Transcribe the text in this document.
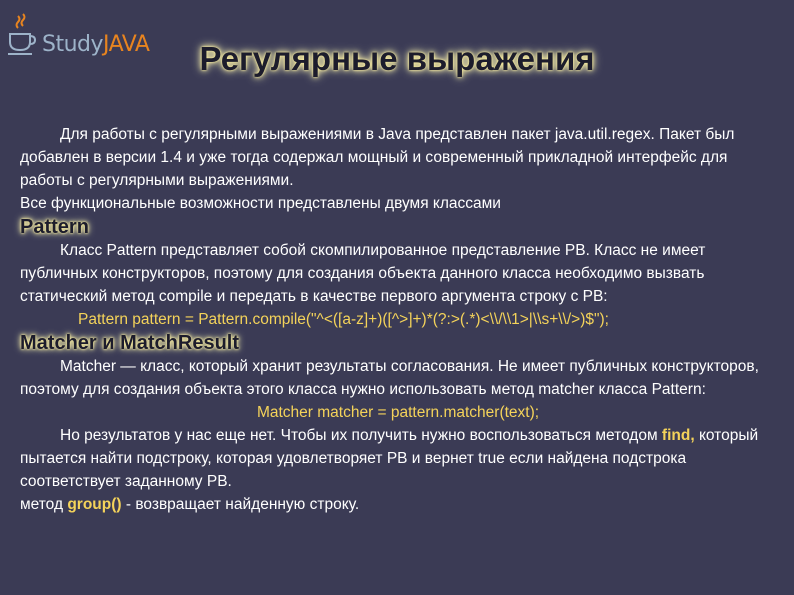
StudyJAVA	Регулярные выражения

Для работы с регулярными выражениями в Java представлен пакет java.util.regex. Пакет был добавлен в версии 1.4 и уже тогда содержал мощный и современный прикладной интерфейс для работы с регулярными выражениями.

Все функциональные возможности представлены двумя классами

Pattern

Класс Pattern представляет собой скомпилированное представление РВ. Класс не имеет публичных конструкторов, поэтому для создания объекта данного класса необходимо вызвать статический метод compile и передать в качестве первого аргумента строку с РВ:

Pattern pattern = Pattern.compile("^<([a-z]+)([^>]+)*(?:>(.*)<\\/\\1>|\\s+\\/>)$");

Matcher и MatchResult

Matcher — класс, который хранит результаты согласования. Не имеет публичных конструкторов, поэтому для создания объекта этого класса нужно использовать метод matcher класса Pattern:

Matcher matcher = pattern.matcher(text);

Но результатов у нас еще нет. Чтобы их получить нужно воспользоваться методом find, который пытается найти подстроку, которая удовлетворяет РВ и вернет true если найдена подстрока соответствует заданному РВ.

метод group() - возвращает найденную строку.
